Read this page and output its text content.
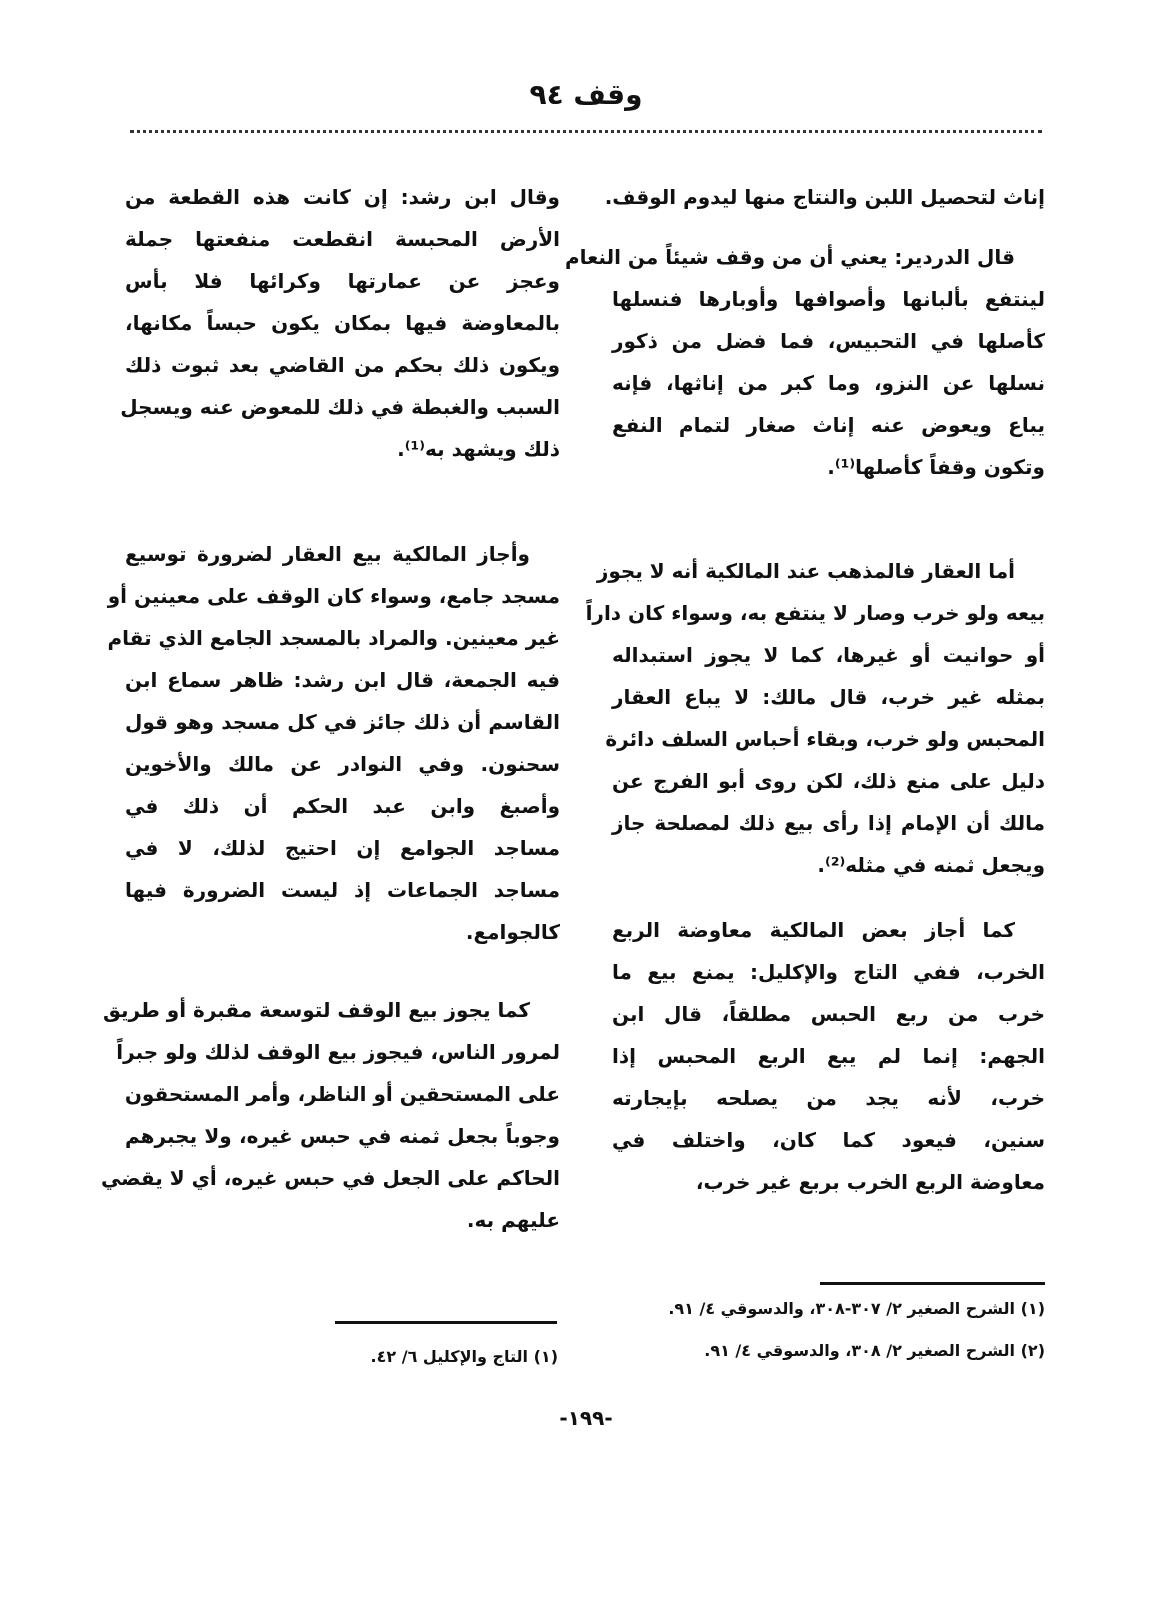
وقف ٩٤
إناث لتحصيل اللبن والنتاج منها ليدوم الوقف.
قال الدردير: يعني أن من وقف شيئاً من النعام
لينتفع بألبانها وأصوافها وأوبارها فنسلها
كأصلها في التحبيس، فما فضل من ذكور
نسلها عن النزو، وما كبر من إناثها، فإنه
يباع ويعوض عنه إناث صغار لتمام النفع
وتكون وقفاً كأصلها⁽¹⁾.
أما العقار فالمذهب عند المالكية أنه لا يجوز
بيعه ولو خرب وصار لا ينتفع به، وسواء كان داراً
أو حوانيت أو غيرها، كما لا يجوز استبداله
بمثله غير خرب، قال مالك: لا يباع العقار
المحبس ولو خرب، وبقاء أحباس السلف دائرة
دليل على منع ذلك، لكن روى أبو الفرج عن
مالك أن الإمام إذا رأى بيع ذلك لمصلحة جاز
ويجعل ثمنه في مثله⁽²⁾.
كما أجاز بعض المالكية معاوضة الربع
الخرب، ففي التاج والإكليل: يمنع بيع ما
خرب من ربع الحبس مطلقاً، قال ابن
الجهم: إنما لم يبع الربع المحبس إذا
خرب، لأنه يجد من يصلحه بإيجارته
سنين، فيعود كما كان، واختلف في
معاوضة الربع الخرب بربع غير خرب،
وقال ابن رشد: إن كانت هذه القطعة من
الأرض المحبسة انقطعت منفعتها جملة
وعجز عن عمارتها وكرائها فلا بأس
بالمعاوضة فيها بمكان يكون حبساً مكانها،
ويكون ذلك بحكم من القاضي بعد ثبوت ذلك
السبب والغبطة في ذلك للمعوض عنه ويسجل
ذلك ويشهد به⁽¹⁾.
وأجاز المالكية بيع العقار لضرورة توسيع
مسجد جامع، وسواء كان الوقف على معينين أو
غير معينين. والمراد بالمسجد الجامع الذي تقام
فيه الجمعة، قال ابن رشد: ظاهر سماع ابن
القاسم أن ذلك جائز في كل مسجد وهو قول
سحنون. وفي النوادر عن مالك والأخوين
وأصبغ وابن عبد الحكم أن ذلك في
مساجد الجوامع إن احتيج لذلك، لا في
مساجد الجماعات إذ ليست الضرورة فيها
كالجوامع.
كما يجوز بيع الوقف لتوسعة مقبرة أو طريق
لمرور الناس، فيجوز بيع الوقف لذلك ولو جبراً
على المستحقين أو الناظر، وأمر المستحقون
وجوباً بجعل ثمنه في حبس غيره، ولا يجبرهم
الحاكم على الجعل في حبس غيره، أي لا يقضي
عليهم به.
(١) الشرح الصغير ٢/ ٣٠٧-٣٠٨، والدسوقي ٤/ ٩١.
(٢) الشرح الصغير ٢/ ٣٠٨، والدسوقي ٤/ ٩١.
(١) التاج والإكليل ٦/ ٤٢.
-١٩٩-
